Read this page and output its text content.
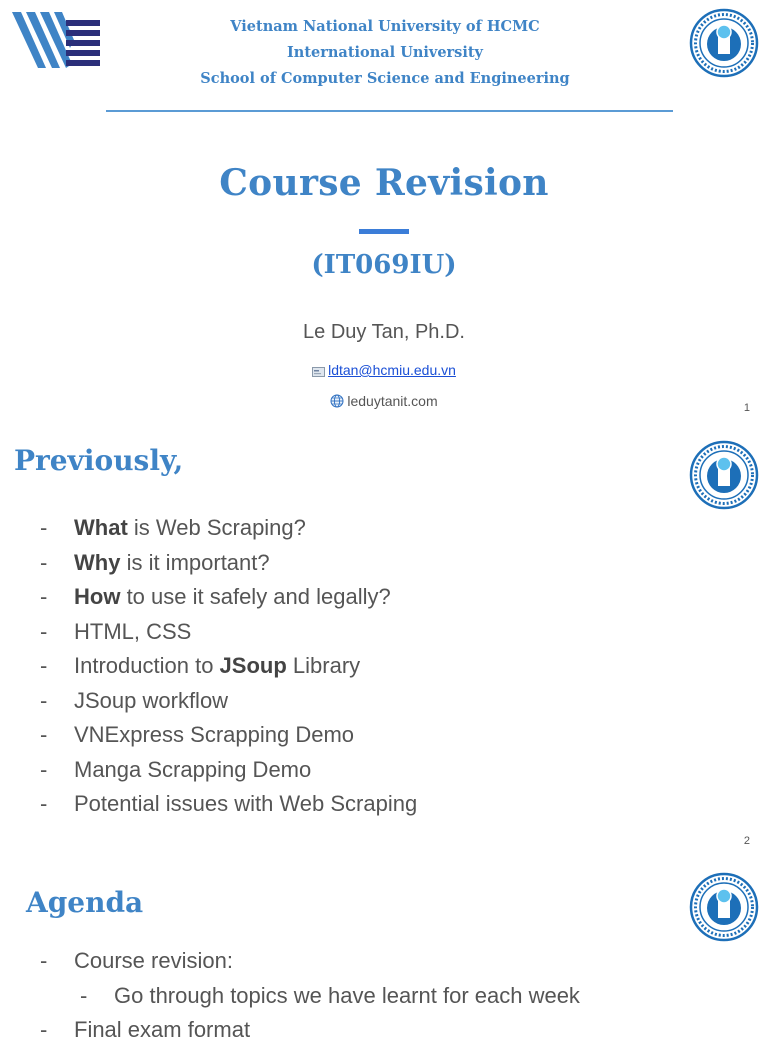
Vietnam National University of HCMC
International University
School of Computer Science and Engineering
Course Revision
(IT069IU)
Le Duy Tan, Ph.D.
ldtan@hcmiu.edu.vn
leduytanit.com	1
Previously,
- What is Web Scraping?
- Why is it important?
- How to use it safely and legally?
- HTML, CSS
- Introduction to JSoup Library
- JSoup workflow
- VNExpress Scrapping Demo
- Manga Scrapping Demo
- Potential issues with Web Scraping
2
Agenda
- Course revision:
- Go through topics we have learnt for each week
- Final exam format
